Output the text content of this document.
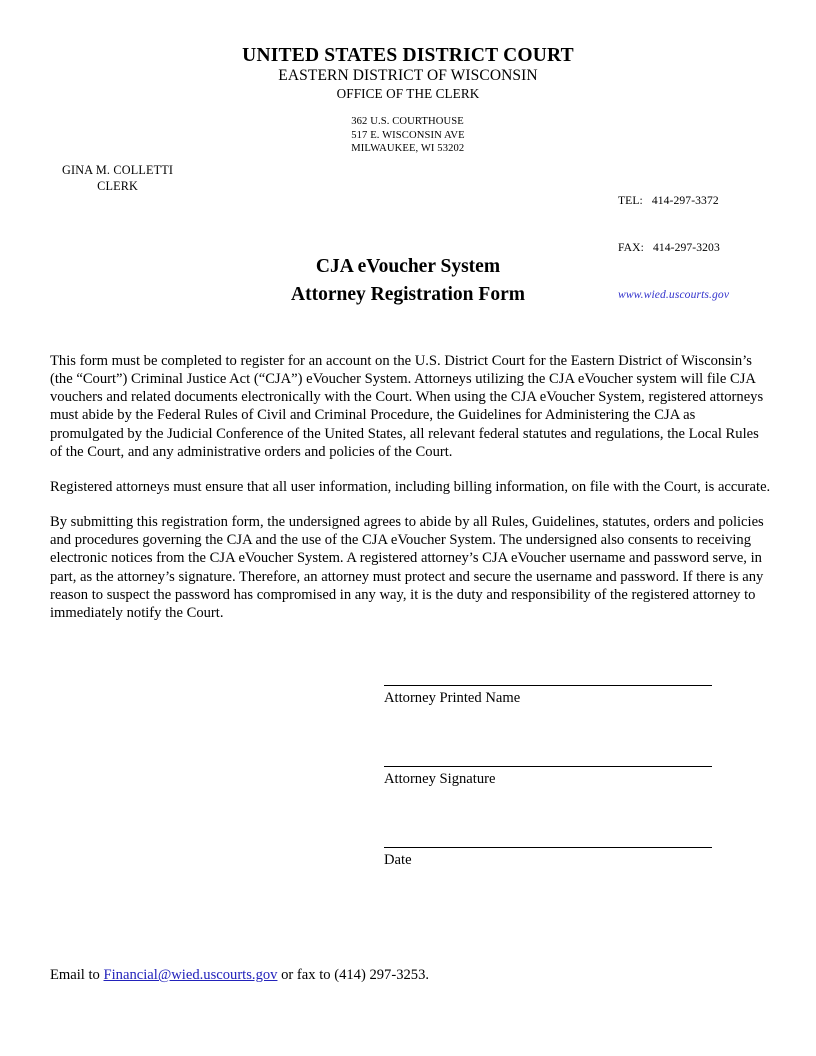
UNITED STATES DISTRICT COURT
EASTERN DISTRICT OF WISCONSIN
OFFICE OF THE CLERK
362 U.S. COURTHOUSE
517 E. WISCONSIN AVE
MILWAUKEE, WI 53202
GINA M. COLLETTI
CLERK

TEL:   414-297-3372

FAX:   414-297-3203

www.wied.uscourts.gov

CJA eVoucher System
Attorney Registration Form

This form must be completed to register for an account on the U.S. District Court for the Eastern District of Wisconsin’s (the “Court”) Criminal Justice Act (“CJA”) eVoucher System. Attorneys utilizing the CJA eVoucher system will file CJA vouchers and related documents electronically with the Court. When using the CJA eVoucher System, registered attorneys must abide by the Federal Rules of Civil and Criminal Procedure, the Guidelines for Administering the CJA as promulgated by the Judicial Conference of the United States, all relevant federal statutes and regulations, the Local Rules of the Court, and any administrative orders and policies of the Court.

Registered attorneys must ensure that all user information, including billing information, on file with the Court, is accurate.

By submitting this registration form, the undersigned agrees to abide by all Rules, Guidelines, statutes, orders and policies and procedures governing the CJA and the use of the CJA eVoucher System. The undersigned also consents to receiving electronic notices from the CJA eVoucher System. A registered attorney’s CJA eVoucher username and password serve, in part, as the attorney’s signature. Therefore, an attorney must protect and secure the username and password. If there is any reason to suspect the password has compromised in any way, it is the duty and responsibility of the registered attorney to immediately notify the Court.

Attorney Printed Name
Attorney Signature
Date
Email to Financial@wied.uscourts.gov or fax to (414) 297-3253.
